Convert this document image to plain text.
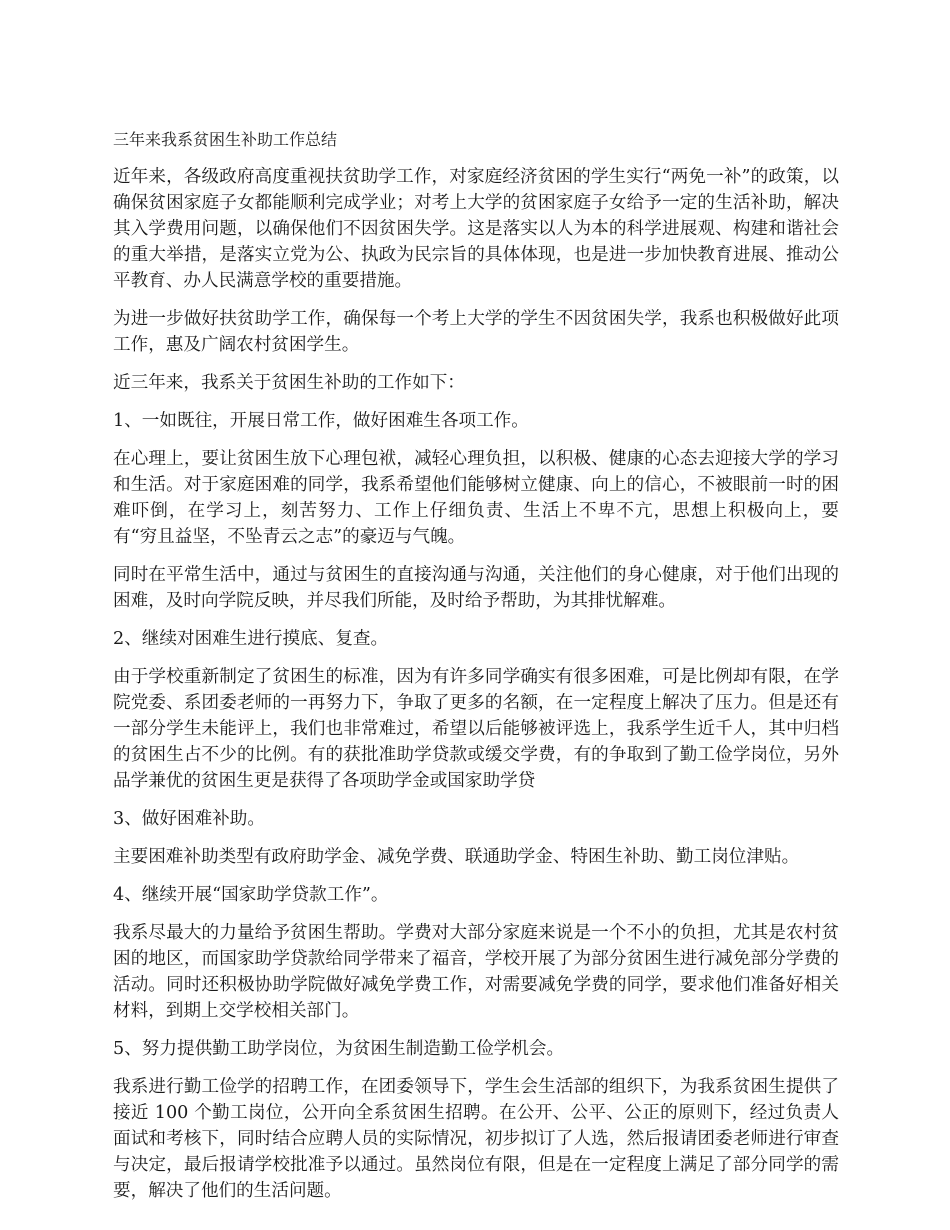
三年来我系贫困生补助工作总结

近年来，各级政府高度重视扶贫助学工作，对家庭经济贫困的学生实行“两免一补”的政策，以确保贫困家庭子女都能顺利完成学业；对考上大学的贫困家庭子女给予一定的生活补助，解决其入学费用问题，以确保他们不因贫困失学。这是落实以人为本的科学进展观、构建和谐社会的重大举措，是落实立党为公、执政为民宗旨的具体体现，也是进一步加快教育进展、推动公平教育、办人民满意学校的重要措施。

为进一步做好扶贫助学工作，确保每一个考上大学的学生不因贫困失学，我系也积极做好此项工作，惠及广阔农村贫困学生。

近三年来，我系关于贫困生补助的工作如下：

1、一如既往，开展日常工作，做好困难生各项工作。

在心理上，要让贫困生放下心理包袱，减轻心理负担，以积极、健康的心态去迎接大学的学习和生活。对于家庭困难的同学，我系希望他们能够树立健康、向上的信心，不被眼前一时的困难吓倒，在学习上，刻苦努力、工作上仔细负责、生活上不卑不亢，思想上积极向上，要有“穷且益坚，不坠青云之志”的豪迈与气魄。

同时在平常生活中，通过与贫困生的直接沟通与沟通，关注他们的身心健康，对于他们出现的困难，及时向学院反映，并尽我们所能，及时给予帮助，为其排忧解难。

2、继续对困难生进行摸底、复查。

由于学校重新制定了贫困生的标准，因为有许多同学确实有很多困难，可是比例却有限，在学院党委、系团委老师的一再努力下，争取了更多的名额，在一定程度上解决了压力。但是还有一部分学生未能评上，我们也非常难过，希望以后能够被评选上，我系学生近千人，其中归档的贫困生占不少的比例。有的获批准助学贷款或缓交学费，有的争取到了勤工俭学岗位，另外品学兼优的贫困生更是获得了各项助学金或国家助学贷

3、做好困难补助。

主要困难补助类型有政府助学金、减免学费、联通助学金、特困生补助、勤工岗位津贴。

4、继续开展“国家助学贷款工作”。

我系尽最大的力量给予贫困生帮助。学费对大部分家庭来说是一个不小的负担，尤其是农村贫困的地区，而国家助学贷款给同学带来了福音，学校开展了为部分贫困生进行减免部分学费的活动。同时还积极协助学院做好减免学费工作，对需要减免学费的同学，要求他们准备好相关材料，到期上交学校相关部门。

5、努力提供勤工助学岗位，为贫困生制造勤工俭学机会。

我系进行勤工俭学的招聘工作，在团委领导下，学生会生活部的组织下，为我系贫困生提供了接近 100 个勤工岗位，公开向全系贫困生招聘。在公开、公平、公正的原则下，经过负责人面试和考核下，同时结合应聘人员的实际情况，初步拟订了人选，然后报请团委老师进行审查与决定，最后报请学校批准予以通过。虽然岗位有限，但是在一定程度上满足了部分同学的需要，解决了他们的生活问题。
